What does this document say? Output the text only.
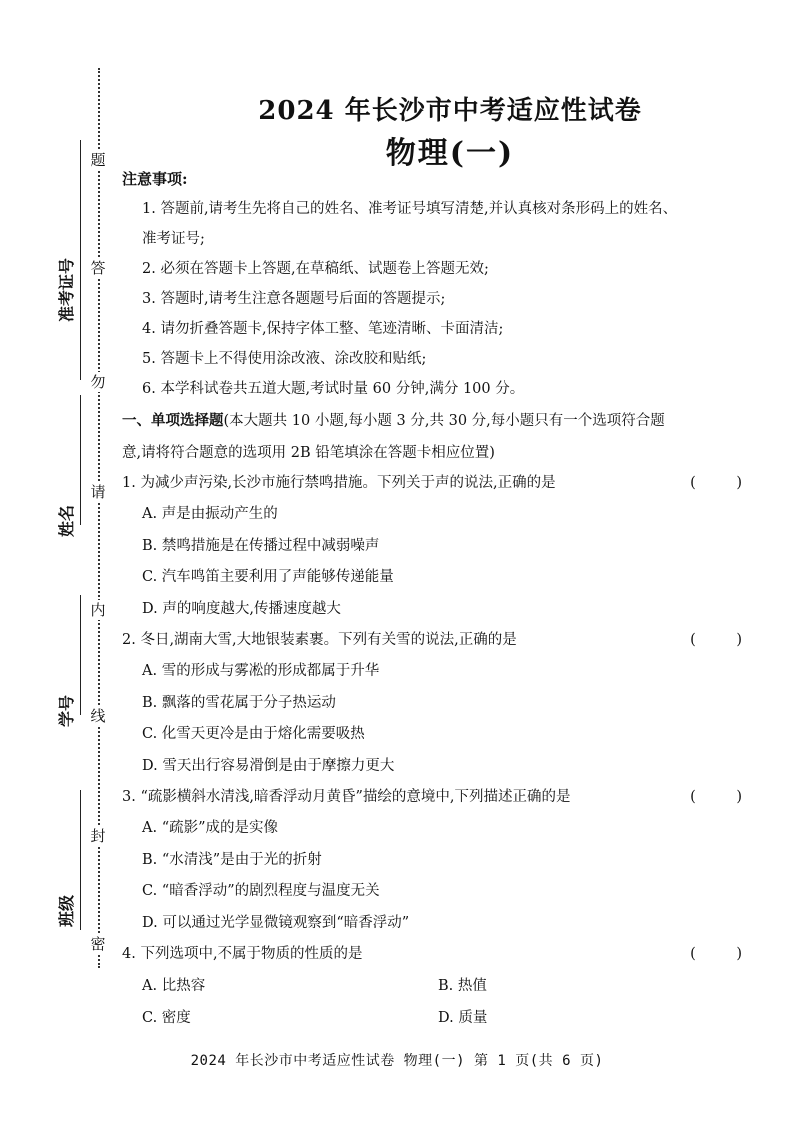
题
答
勿
请
内
线
封
密
准考证号
姓名
学号
班级
2024 年长沙市中考适应性试卷
物理(一)
注意事项:
1. 答题前,请考生先将自己的姓名、准考证号填写清楚,并认真核对条形码上的姓名、
准考证号;
2. 必须在答题卡上答题,在草稿纸、试题卷上答题无效;
3. 答题时,请考生注意各题题号后面的答题提示;
4. 请勿折叠答题卡,保持字体工整、笔迹清晰、卡面清洁;
5. 答题卡上不得使用涂改液、涂改胶和贴纸;
6. 本学科试卷共五道大题,考试时量 60 分钟,满分 100 分。
一、单项选择题(本大题共 10 小题,每小题 3 分,共 30 分,每小题只有一个选项符合题
意,请将符合题意的选项用 2B 铅笔填涂在答题卡相应位置)
1. 为减少声污染,长沙市施行禁鸣措施。下列关于声的说法,正确的是	( )
A. 声是由振动产生的
B. 禁鸣措施是在传播过程中减弱噪声
C. 汽车鸣笛主要利用了声能够传递能量
D. 声的响度越大,传播速度越大
2. 冬日,湖南大雪,大地银装素裹。下列有关雪的说法,正确的是	( )
A. 雪的形成与雾凇的形成都属于升华
B. 飘落的雪花属于分子热运动
C. 化雪天更冷是由于熔化需要吸热
D. 雪天出行容易滑倒是由于摩擦力更大
3. “疏影横斜水清浅,暗香浮动月黄昏”描绘的意境中,下列描述正确的是	( )
A. “疏影”成的是实像
B. “水清浅”是由于光的折射
C. “暗香浮动”的剧烈程度与温度无关
D. 可以通过光学显微镜观察到“暗香浮动”
4. 下列选项中,不属于物质的性质的是	( )
A. 比热容	B. 热值
C. 密度	D. 质量
2024 年长沙市中考适应性试卷 物理(一) 第 1 页(共 6 页)
